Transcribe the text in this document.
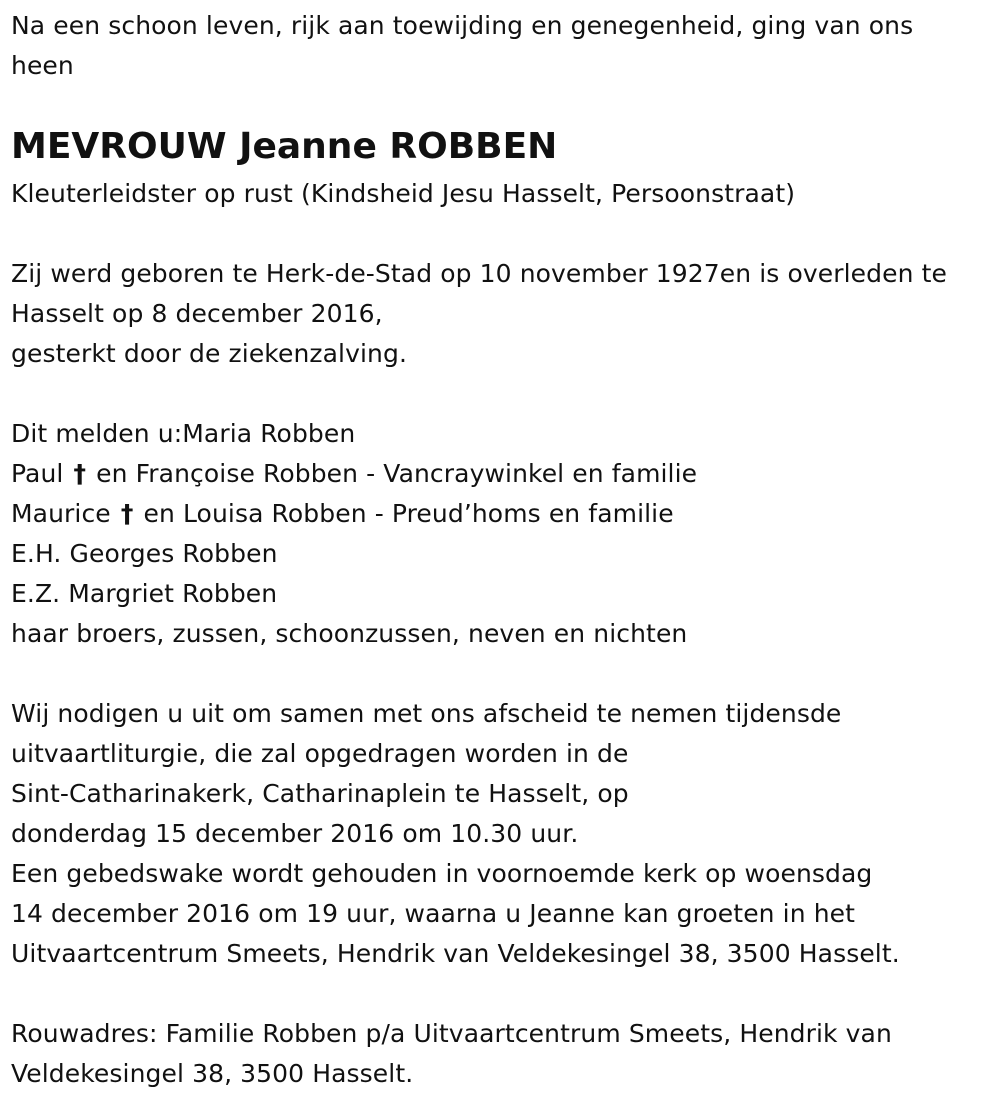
Na een schoon leven, rijk aan toewijding en genegenheid, ging van ons
heen
MEVROUW Jeanne ROBBEN
Kleuterleidster op rust (Kindsheid Jesu Hasselt, Persoonstraat)
Zij werd geboren te Herk-de-Stad op 10 november 1927en is overleden te
Hasselt op 8 december 2016,
gesterkt door de ziekenzalving.
Dit melden u:Maria Robben
Paul † en Françoise Robben - Vancraywinkel en familie
Maurice † en Louisa Robben - Preud’homs en familie
E.H. Georges Robben
E.Z. Margriet Robben
haar broers, zussen, schoonzussen, neven en nichten
Wij nodigen u uit om samen met ons afscheid te nemen tijdensde
uitvaartliturgie, die zal opgedragen worden in de
Sint-Catharinakerk, Catharinaplein te Hasselt, op
donderdag 15 december 2016 om 10.30 uur.
Een gebedswake wordt gehouden in voornoemde kerk op woensdag
14 december 2016 om 19 uur, waarna u Jeanne kan groeten in het
Uitvaartcentrum Smeets, Hendrik van Veldekesingel 38, 3500 Hasselt.
Rouwadres: Familie Robben p/a Uitvaartcentrum Smeets, Hendrik van
Veldekesingel 38, 3500 Hasselt.
